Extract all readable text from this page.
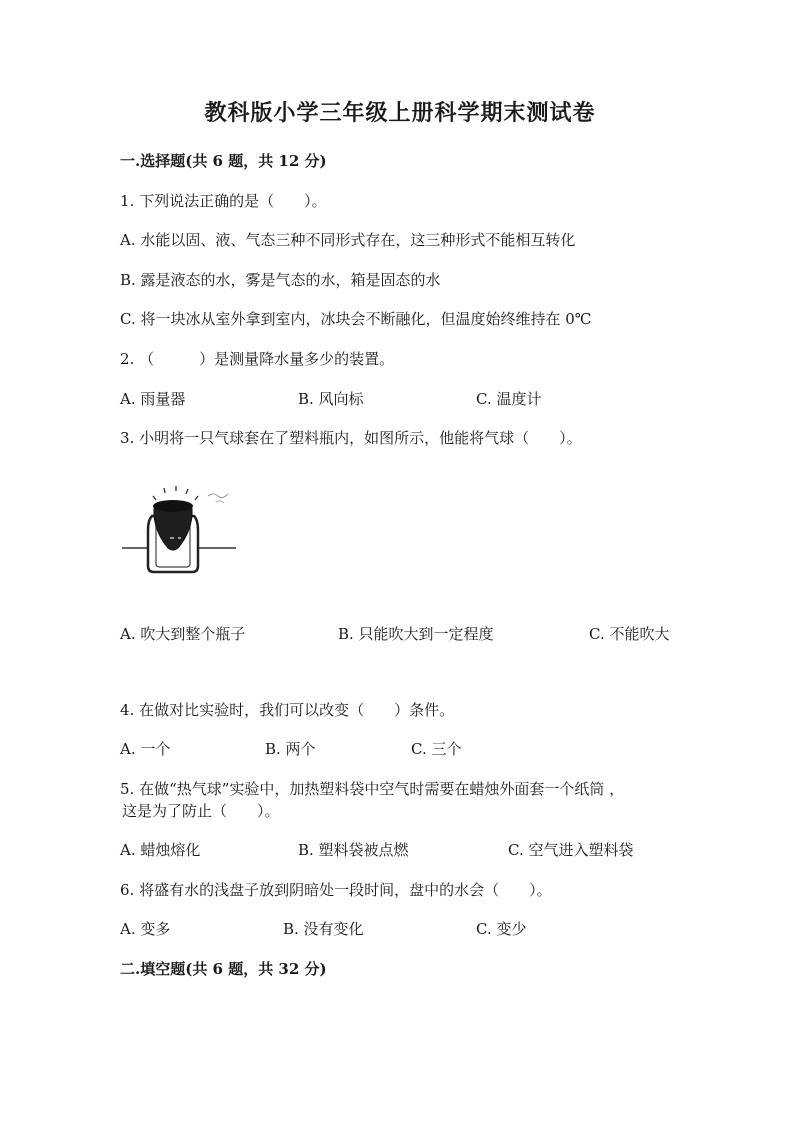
教科版小学三年级上册科学期末测试卷
一.选择题(共 6 题，共 12 分)
1. 下列说法正确的是（　　）。
A. 水能以固、液、气态三种不同形式存在，这三种形式不能相互转化
B. 露是液态的水，雾是气态的水，箱是固态的水
C. 将一块冰从室外拿到室内，冰块会不断融化，但温度始终维持在 0℃
2. （　　　）是测量降水量多少的装置。
A. 雨量器	B. 风向标	C. 温度计
3. 小明将一只气球套在了塑料瓶内，如图所示，他能将气球（　　）。
A. 吹大到整个瓶子	B. 只能吹大到一定程度	C. 不能吹大
4. 在做对比实验时，我们可以改变（　　）条件。
A. 一个	B. 两个	C. 三个
5. 在做“热气球”实验中，加热塑料袋中空气时需要在蜡烛外面套一个纸筒 ，
这是为了防止（　　）。
A. 蜡烛熔化	B. 塑料袋被点燃	C. 空气进入塑料袋
6. 将盛有水的浅盘子放到阴暗处一段时间，盘中的水会（　　）。
A. 变多	B. 没有变化	C. 变少
二.填空题(共 6 题，共 32 分)
